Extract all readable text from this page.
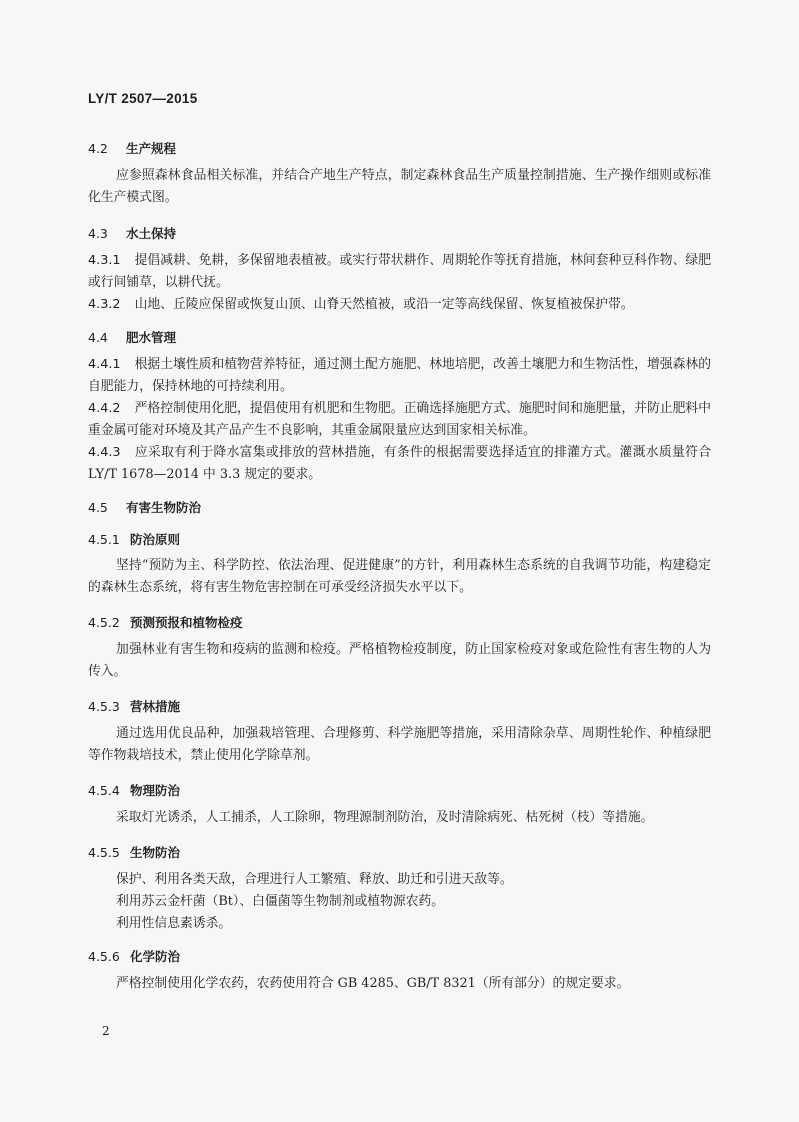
LY/T 2507—2015
4.2 生产规程
应参照森林食品相关标准，并结合产地生产特点，制定森林食品生产质量控制措施、生产操作细则或标准化生产模式图。
4.3 水土保持
4.3.1 提倡减耕、免耕，多保留地表植被。或实行带状耕作、周期轮作等抚育措施，林间套种豆科作物、绿肥或行间铺草，以耕代抚。
4.3.2 山地、丘陵应保留或恢复山顶、山脊天然植被，或沿一定等高线保留、恢复植被保护带。
4.4 肥水管理
4.4.1 根据土壤性质和植物营养特征，通过测土配方施肥、林地培肥，改善土壤肥力和生物活性，增强森林的自肥能力，保持林地的可持续利用。
4.4.2 严格控制使用化肥，提倡使用有机肥和生物肥。正确选择施肥方式、施肥时间和施肥量，并防止肥料中重金属可能对环境及其产品产生不良影响，其重金属限量应达到国家相关标准。
4.4.3 应采取有利于降水富集或排放的营林措施，有条件的根据需要选择适宜的排灌方式。灌溉水质量符合 LY/T 1678—2014 中 3.3 规定的要求。
4.5 有害生物防治
4.5.1 防治原则
坚持“预防为主、科学防控、依法治理、促进健康”的方针，利用森林生态系统的自我调节功能，构建稳定的森林生态系统，将有害生物危害控制在可承受经济损失水平以下。
4.5.2 预测预报和植物检疫
加强林业有害生物和疫病的监测和检疫。严格植物检疫制度，防止国家检疫对象或危险性有害生物的人为传入。
4.5.3 营林措施
通过选用优良品种，加强栽培管理、合理修剪、科学施肥等措施，采用清除杂草、周期性轮作、种植绿肥等作物栽培技术，禁止使用化学除草剂。
4.5.4 物理防治
采取灯光诱杀，人工捕杀，人工除卵，物理源制剂防治，及时清除病死、枯死树（枝）等措施。
4.5.5 生物防治
保护、利用各类天敌，合理进行人工繁殖、释放、助迁和引进天敌等。
利用苏云金杆菌（Bt）、白僵菌等生物制剂或植物源农药。
利用性信息素诱杀。
4.5.6 化学防治
严格控制使用化学农药，农药使用符合 GB 4285、GB/T 8321（所有部分）的规定要求。
2
